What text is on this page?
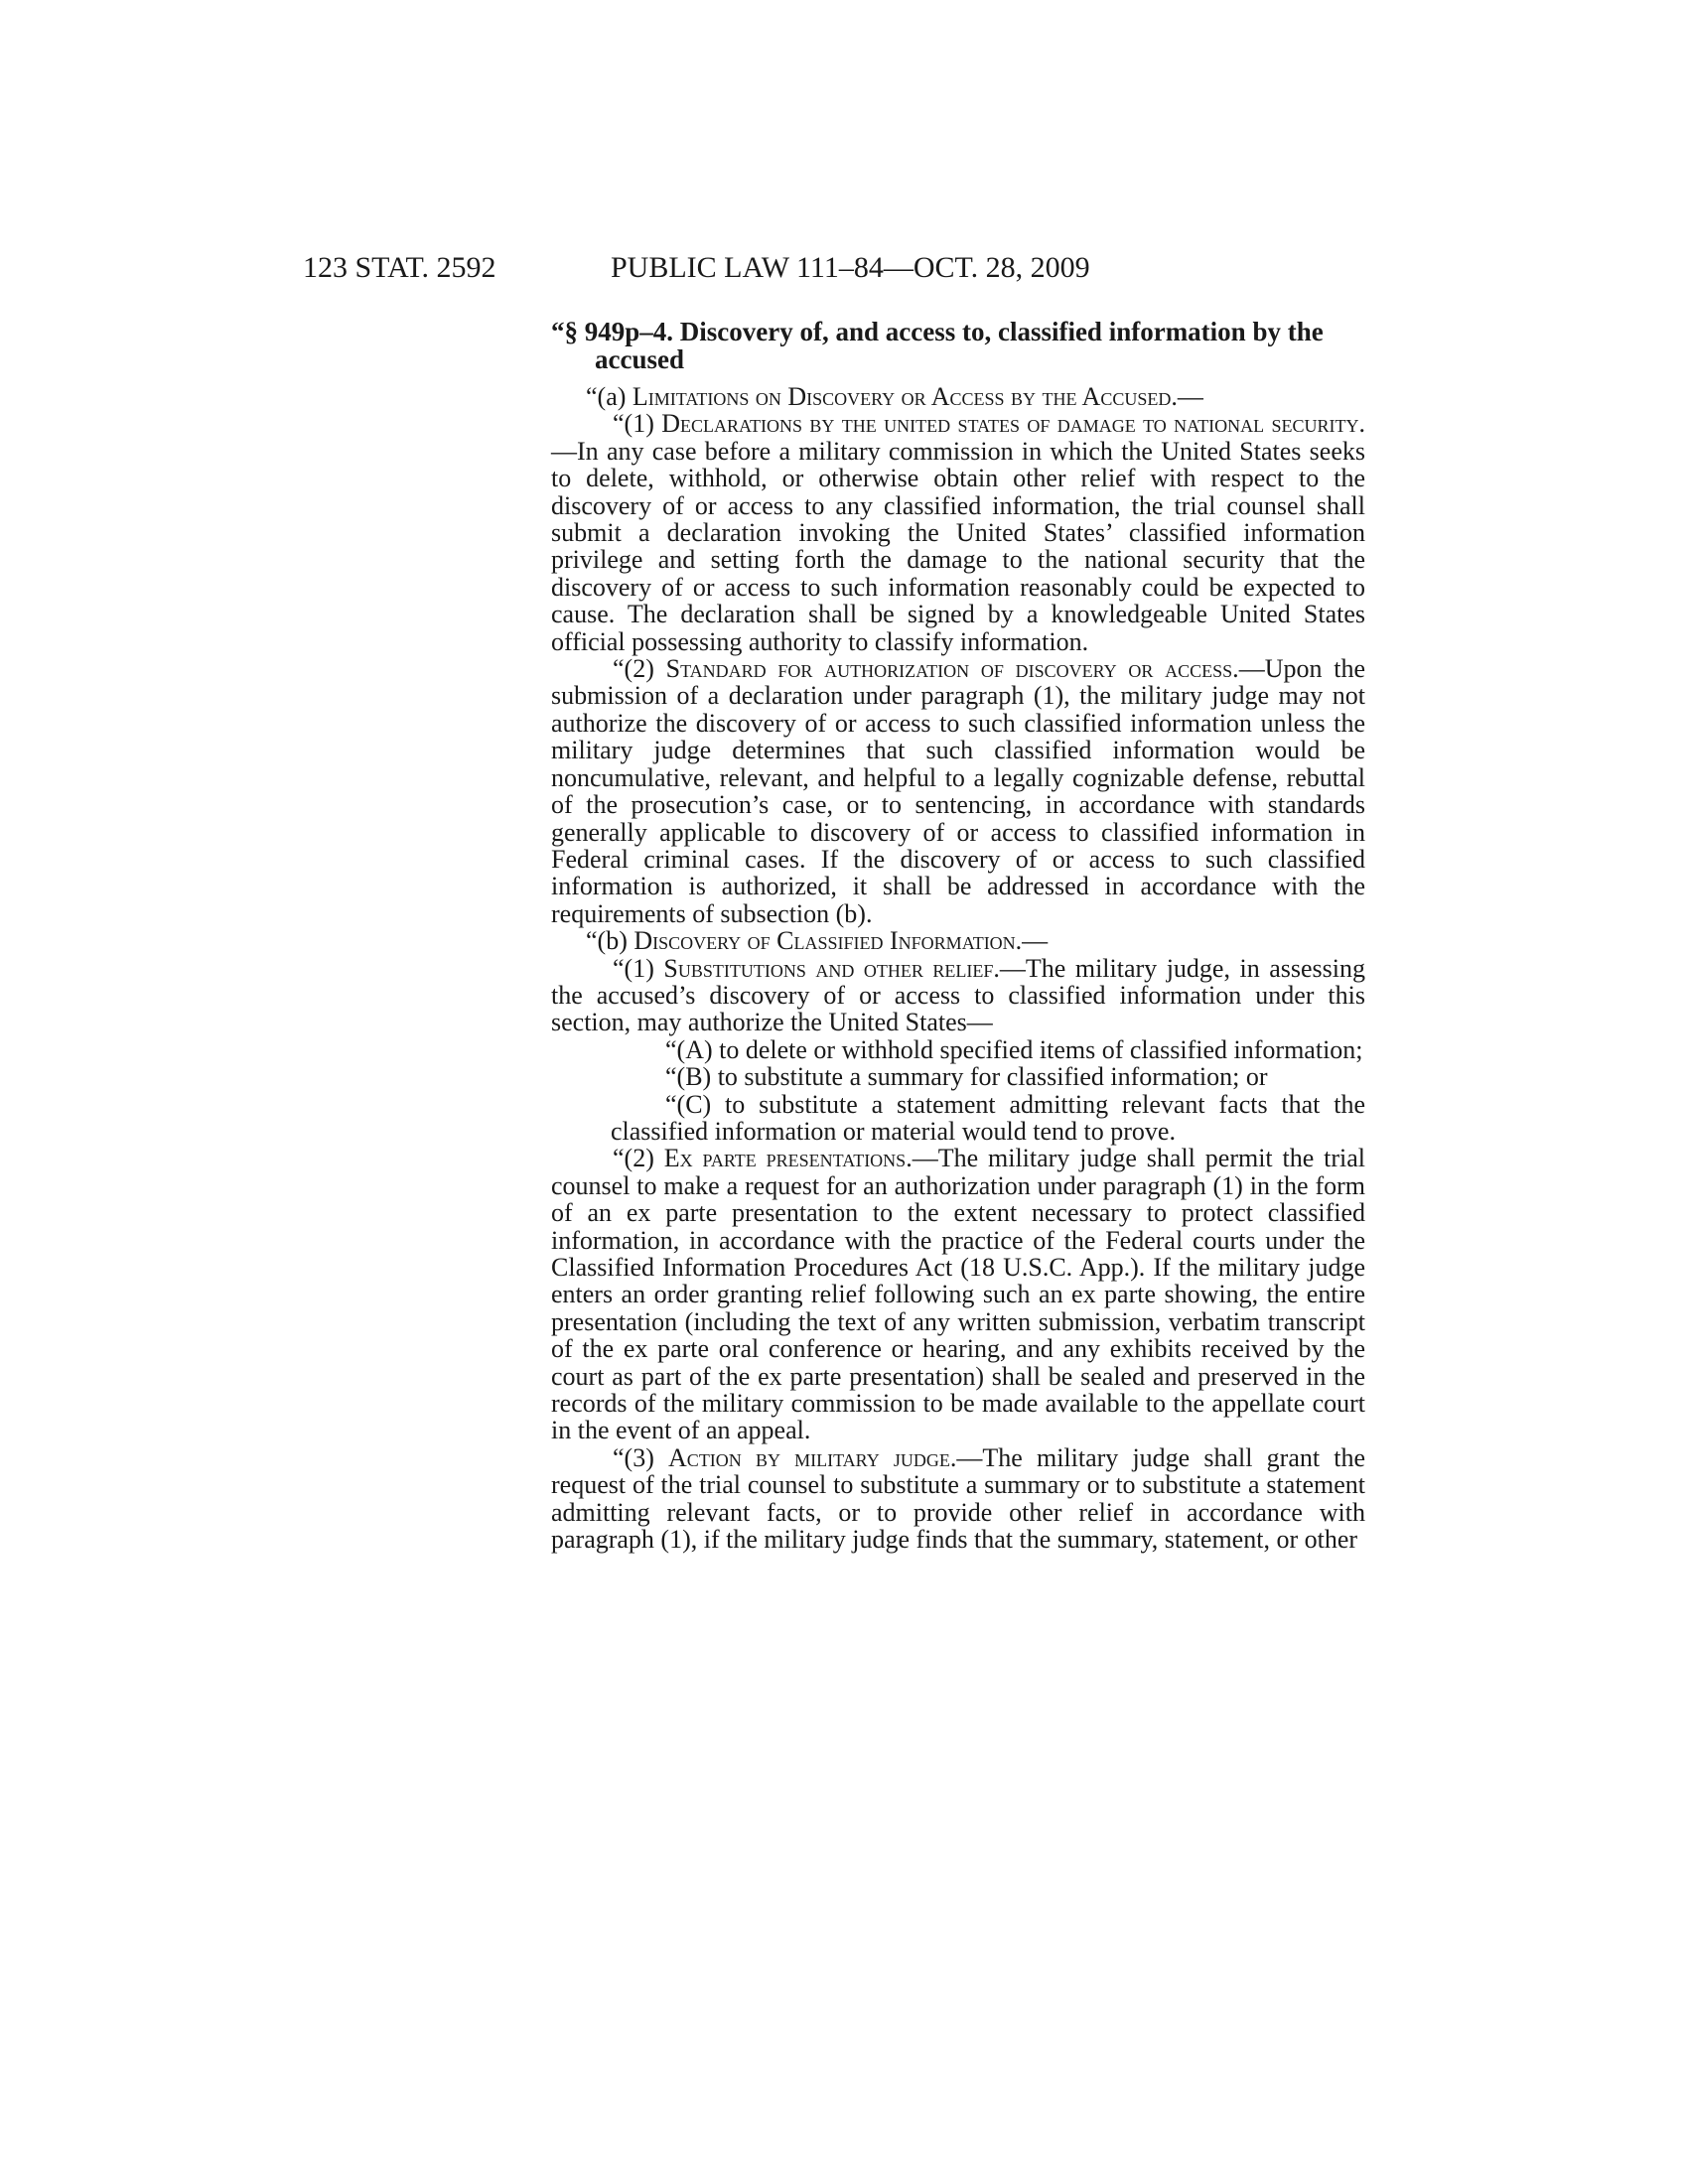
123 STAT. 2592	PUBLIC LAW 111–84—OCT. 28, 2009
“§ 949p–4. Discovery of, and access to, classified information by the accused

“(a) Limitations on Discovery or Access by the Accused.—

“(1) Declarations by the united states of damage to national security.—In any case before a military commission in which the United States seeks to delete, withhold, or otherwise obtain other relief with respect to the discovery of or access to any classified information, the trial counsel shall submit a declaration invoking the United States’ classified information privilege and setting forth the damage to the national security that the discovery of or access to such information reasonably could be expected to cause. The declaration shall be signed by a knowledgeable United States official possessing authority to classify information.

“(2) Standard for authorization of discovery or access.—Upon the submission of a declaration under paragraph (1), the military judge may not authorize the discovery of or access to such classified information unless the military judge determines that such classified information would be noncumulative, relevant, and helpful to a legally cognizable defense, rebuttal of the prosecution’s case, or to sentencing, in accordance with standards generally applicable to discovery of or access to classified information in Federal criminal cases. If the discovery of or access to such classified information is authorized, it shall be addressed in accordance with the requirements of subsection (b).

“(b) Discovery of Classified Information.—

“(1) Substitutions and other relief.—The military judge, in assessing the accused’s discovery of or access to classified information under this section, may authorize the United States—

“(A) to delete or withhold specified items of classified information;

“(B) to substitute a summary for classified information; or

“(C) to substitute a statement admitting relevant facts that the classified information or material would tend to prove.

“(2) Ex parte presentations.—The military judge shall permit the trial counsel to make a request for an authorization under paragraph (1) in the form of an ex parte presentation to the extent necessary to protect classified information, in accordance with the practice of the Federal courts under the Classified Information Procedures Act (18 U.S.C. App.). If the military judge enters an order granting relief following such an ex parte showing, the entire presentation (including the text of any written submission, verbatim transcript of the ex parte oral conference or hearing, and any exhibits received by the court as part of the ex parte presentation) shall be sealed and preserved in the records of the military commission to be made available to the appellate court in the event of an appeal.

“(3) Action by military judge.—The military judge shall grant the request of the trial counsel to substitute a summary or to substitute a statement admitting relevant facts, or to provide other relief in accordance with paragraph (1), if the military judge finds that the summary, statement, or other
